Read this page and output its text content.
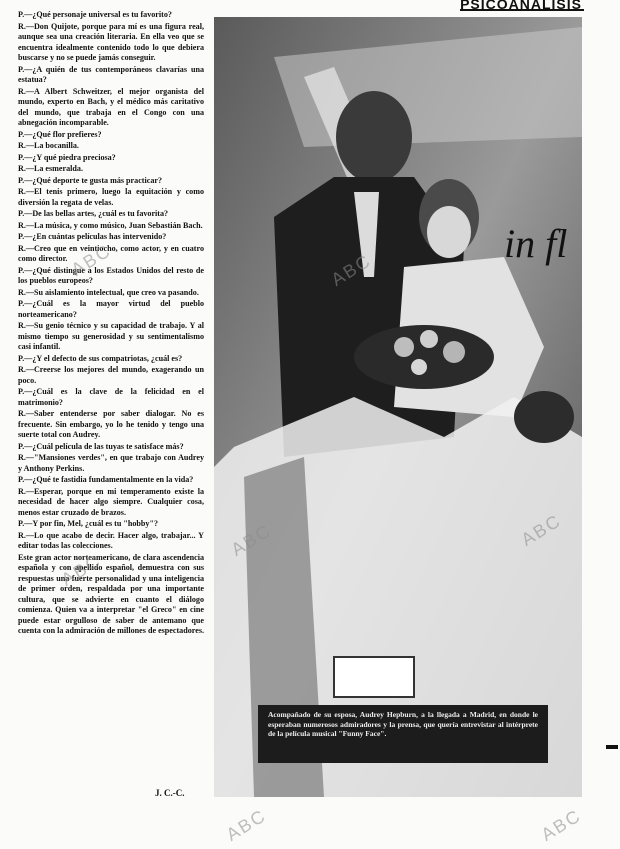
PSICOANALISIS

P.—¿Qué personaje universal es tu favorito?

R.—Don Quijote, porque para mí es una figura real, aunque sea una creación literaria. En ella veo que se encuentra idealmente contenido todo lo que debiera buscarse y no se puede jamás conseguir.

P.—¿A quién de tus contemporáneos clavarías una estatua?

R.—A Albert Schweitzer, el mejor organista del mundo, experto en Bach, y el médico más caritativo del mundo, que trabaja en el Congo con una abnegación incomparable.

P.—¿Qué flor prefieres?

R.—La bocanilla.

P.—¿Y qué piedra preciosa?

R.—La esmeralda.

P.—¿Qué deporte te gusta más practicar?

R.—El tenis primero, luego la equitación y como diversión la regata de velas.

P.—De las bellas artes, ¿cuál es tu favorita?

R.—La música, y como músico, Juan Sebastián Bach.

P.—¿En cuántas películas has intervenido?

R.—Creo que en veintiocho, como actor, y en cuatro como director.

P.—¿Qué distingue a los Estados Unidos del resto de los pueblos europeos?

R.—Su aislamiento intelectual, que creo va pasando.

P.—¿Cuál es la mayor virtud del pueblo norteamericano?

R.—Su genio técnico y su capacidad de trabajo. Y al mismo tiempo su generosidad y su sentimentalismo casi infantil.

P.—¿Y el defecto de sus compatriotas, ¿cuál es?

R.—Creerse los mejores del mundo, exagerando un poco.

P.—¿Cuál es la clave de la felicidad en el matrimonio?

R.—Saber entenderse por saber dialogar. No es frecuente. Sin embargo, yo lo he tenido y tengo una suerte total con Audrey.

P.—¿Cuál película de las tuyas te satisface más?

R.—"Mansiones verdes", en que trabajo con Audrey y Anthony Perkins.

P.—¿Qué te fastidia fundamentalmente en la vida?

R.—Esperar, porque en mi temperamento existe la necesidad de hacer algo siempre. Cualquier cosa, menos estar cruzado de brazos.

P.—Y por fin, Mel, ¿cuál es tu "hobby"?

R.—Lo que acabo de decir. Hacer algo, trabajar... Y editar todas las colecciones.

Este gran actor norteamericano, de clara ascendencia española y con apellido español, demuestra con sus respuestas una fuerte personalidad y una inteligencia de primer orden, respaldada por una importante cultura, que se advierte en cuanto el diálogo comienza. Quien va a interpretar "el Greco" en cine puede estar orgulloso de saber de antemano que cuenta con la admiración de millones de espectadores.

J. C.-C.
in fl
Acompañado de su esposa, Audrey Hepburn, a la llegada a Madrid, en donde le esperaban numerosos admiradores y la prensa, que quería entrevistar al intérprete de la película musical "Funny Face".
ABC
ABC	ABC
ABC
ABC
ABC	ABC
